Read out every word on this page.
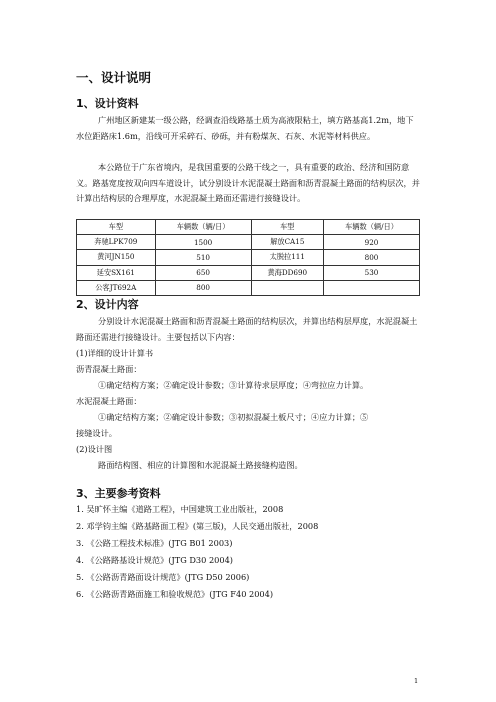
一、设计说明
1、设计资料

广州地区新建某一级公路，经调查沿线路基土质为高液限粘土，填方路基高1.2m，地下水位距路床1.6m，沿线可开采碎石、砂砾，并有粉煤灰、石灰、水泥等材料供应。

本公路位于广东省境内，是我国重要的公路干线之一，具有重要的政治、经济和国防意义。路基宽度按双向四车道设计，试分别设计水泥混凝土路面和沥青混凝土路面的结构层次，并计算出结构层的合理厚度，水泥混凝土路面还需进行接缝设计。

车型	车辆数（辆/日）	车型	车辆数（辆/日）
奔驰LPK709	1500	解放CA15	920
黄河JN150	510	太脱拉111	800
延安SX161	650	黄海DD690	530
公客JT692A	800		
2、设计内容

分别设计水泥混凝土路面和沥青混凝土路面的结构层次，并算出结构层厚度，水泥混凝土路面还需进行接缝设计。主要包括以下内容：

(1)详细的设计计算书
沥青混凝土路面：
①确定结构方案；②确定设计参数；③计算待求层厚度；④弯拉应力计算。
水泥混凝土路面：
①确定结构方案；②确定设计参数；③初拟混凝土板尺寸；④应力计算；⑤
接缝设计。
(2)设计图
路面结构图、相应的计算图和水泥混凝土路接缝构造图。
3、主要参考资料
1. 吴旷怀主编《道路工程》，中国建筑工业出版社，2008
2. 邓学钧主编《路基路面工程》(第三版)，人民交通出版社，2008
3. 《公路工程技术标准》(JTG B01 2003)
4. 《公路路基设计规范》(JTG D30 2004)
5. 《公路沥青路面设计规范》(JTG D50 2006)
6. 《公路沥青路面施工和验收规范》(JTG F40 2004)
1
